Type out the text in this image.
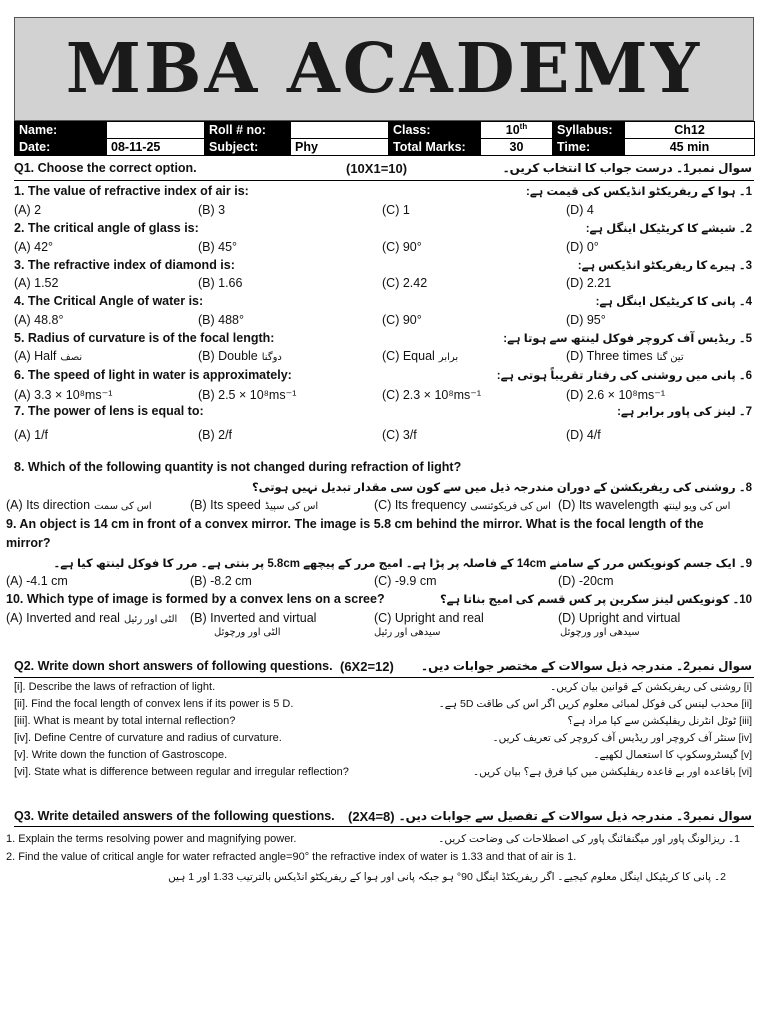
MBA ACADEMY
Name:		Roll # no:		Class:	10th	Syllabus:	Ch12
Date:	08-11-25	Subject:	Phy	Total Marks:	30	Time:	45 min
Q1. Choose the correct option.	(10X1=10)	سوال نمبر1۔ درست جواب کا انتخاب کریں۔
1. The value of refractive index of air is:	1۔ ہوا کے ریفریکٹو انڈیکس کی قیمت ہے:
(A) 2	(B) 3	(C) 1	(D) 4
2. The critical angle of glass is:	2۔ شیشے کا کریٹیکل اینگل ہے:
(A) 42°	(B) 45°	(C) 90°	(D) 0°
3. The refractive index of diamond is:	3۔ ہیرے کا ریفریکٹو انڈیکس ہے:
(A) 1.52	(B) 1.66	(C) 2.42	(D) 2.21
4. The Critical Angle of water is:	4۔ پانی کا کریٹیکل اینگل ہے:
(A) 48.8°	(B) 488°	(C) 90°	(D) 95°
5. Radius of curvature is of the focal length:	5۔ ریڈیس آف کروچر فوکل لینتھ سے ہوتا ہے:
(A) Half نصف	(B) Double دوگنا	(C) Equal برابر	(D) Three times تین گنا
6. The speed of light in water is approximately:	6۔ پانی میں روشنی کی رفتار تقریباً ہوتی ہے:
(A) 3.3 × 10⁸ms⁻¹	(B) 2.5 × 10⁸ms⁻¹	(C) 2.3 × 10⁸ms⁻¹	(D) 2.6 × 10⁸ms⁻¹
7. The power of lens is equal to:	7۔ لینز کی پاور برابر ہے:
(A) 1/f	(B) 2/f	(C) 3/f	(D) 4/f
8. Which of the following quantity is not changed during refraction of light?
8۔ روشنی کی ریفریکشن کے دوران مندرجہ ذیل میں سے کون سی مقدار تبدیل نہیں ہوتی؟
(A) Its direction اس کی سمت	(B) Its speed اس کی سپیڈ	(C) Its frequency اس کی فریکوئنسی (D) Its wavelength اس کی ویو لینتھ
9. An object is 14 cm in front of a convex mirror. The image is 5.8 cm behind the mirror. What is the focal length of the
mirror?
9۔ ایک جسم کونویکس مرر کے سامنے 14cm کے فاصلہ پر پڑا ہے۔ امیج مرر کے پیچھے 5.8cm پر بنتی ہے۔ مرر کا فوکل لینتھ کیا ہے۔
(A) -4.1 cm	(B) -8.2 cm	(C) -9.9 cm	(D) -20cm
10. Which type of image is formed by a convex lens on a scree?	10۔ کونویکس لینز سکرین پر کس قسم کی امیج بناتا ہے؟
(A) Inverted and real الٹی اور رئیل (B) Inverted and virtual	(C) Upright and real	(D) Upright and virtual
الٹی اور ورچوئل	سیدھی اور رئیل	سیدھی اور ورچوئل
Q2. Write down short answers of following questions. (6X2=12) سوال نمبر2۔ مندرجہ ذیل سوالات کے مختصر جوابات دیں۔
[i]. Describe the laws of refraction of light.	[i] روشنی کی ریفریکشن کے قوانین بیان کریں۔
[ii]. Find the focal length of convex lens if its power is 5 D.	[ii] محدب لینس کی فوکل لمبائی معلوم کریں اگر اس کی طاقت 5D ہے۔
[iii]. What is meant by total internal reflection?	[iii] ٹوٹل انٹرنل ریفلیکشن سے کیا مراد ہے؟
[iv]. Define Centre of curvature and radius of curvature.	[iv] سنٹر آف کروچر اور ریڈیس آف کروچر کی تعریف کریں۔
[v]. Write down the function of Gastroscope.	[v] گیسٹروسکوپ کا استعمال لکھیے۔
[vi]. State what is difference between regular and irregular reflection?	[vi] باقاعدہ اور بے قاعدہ ریفلیکشن میں کیا فرق ہے؟ بیان کریں۔
Q3. Write detailed answers of the following questions. (2X4=8) سوال نمبر3۔ مندرجہ ذیل سوالات کے تفصیل سے جوابات دیں۔
1. Explain the terms resolving power and magnifying power.	1۔ ریزالونگ پاور اور میگنفائنگ پاور کی اصطلاحات کی وضاحت کریں۔
2. Find the value of critical angle for water refracted angle=90° the refractive index of water is 1.33 and that of air is 1.
2۔ پانی کا کریٹیکل اینگل معلوم کیجیے۔ اگر ریفریکٹڈ اینگل 90° ہو جبکہ پانی اور ہوا کے ریفریکٹو انڈیکس بالترتیب 1.33 اور 1 ہیں
